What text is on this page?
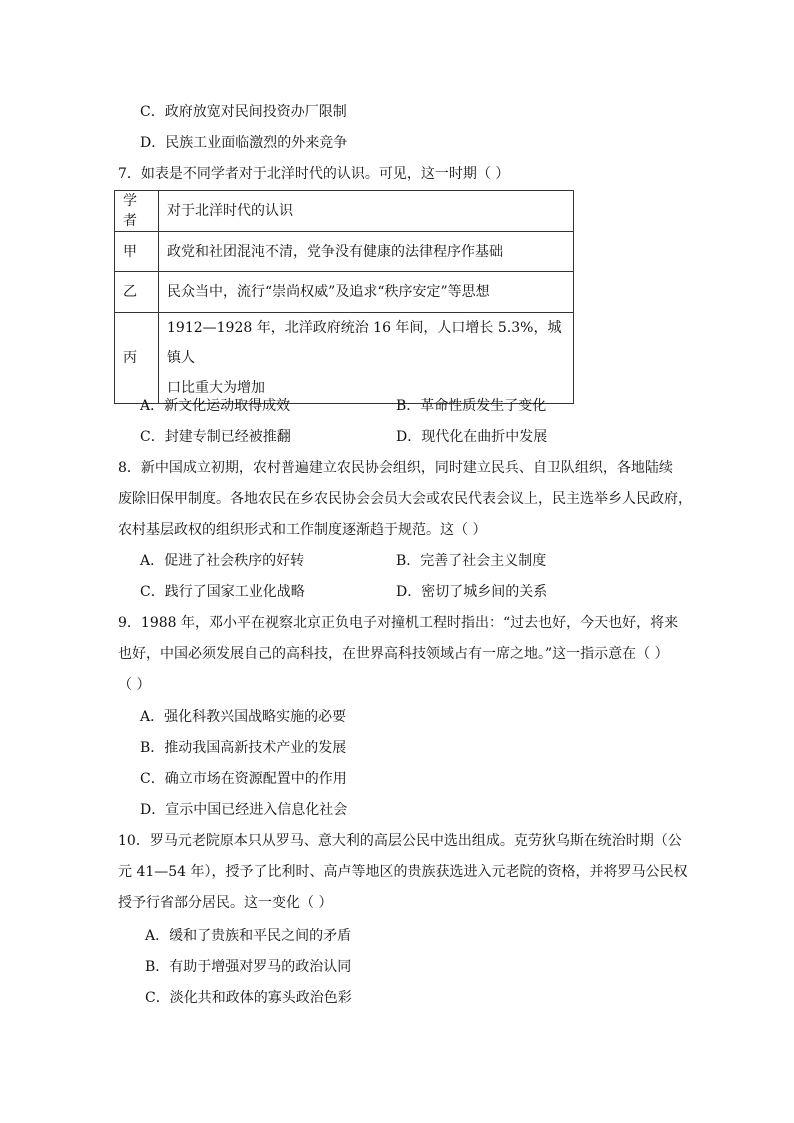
C．政府放宽对民间投资办厂限制
D．民族工业面临激烈的外来竞争
7．如表是不同学者对于北洋时代的认识。可见，这一时期（ ）
学者	对于北洋时代的认识
甲	政党和社团混沌不清，党争没有健康的法律程序作基础
乙	民众当中，流行“崇尚权威”及追求“秩序安定”等思想
丙	1912—1928 年，北洋政府统治 16 年间，人口增长 5.3%，城镇人
口比重大为增加
A．新文化运动取得成效	B．革命性质发生了变化
C．封建专制已经被推翻	D．现代化在曲折中发展
8．新中国成立初期，农村普遍建立农民协会组织，同时建立民兵、自卫队组织，各地陆续
废除旧保甲制度。各地农民在乡农民协会会员大会或农民代表会议上，民主选举乡人民政府，
农村基层政权的组织形式和工作制度逐渐趋于规范。这（ ）
A．促进了社会秩序的好转	B．完善了社会主义制度
C．践行了国家工业化战略	D．密切了城乡间的关系
9．1988 年，邓小平在视察北京正负电子对撞机工程时指出：“过去也好，今天也好，将来
也好，中国必须发展自己的高科技，在世界高科技领域占有一席之地。”这一指示意在（ ）
（ ）
A．强化科教兴国战略实施的必要
B．推动我国高新技术产业的发展
C．确立市场在资源配置中的作用
D．宣示中国已经进入信息化社会
10．罗马元老院原本只从罗马、意大利的高层公民中选出组成。克劳狄乌斯在统治时期（公
元 41—54 年），授予了比利时、高卢等地区的贵族获选进入元老院的资格，并将罗马公民权
授予行省部分居民。这一变化（ ）
A．缓和了贵族和平民之间的矛盾
B．有助于增强对罗马的政治认同
C．淡化共和政体的寡头政治色彩
